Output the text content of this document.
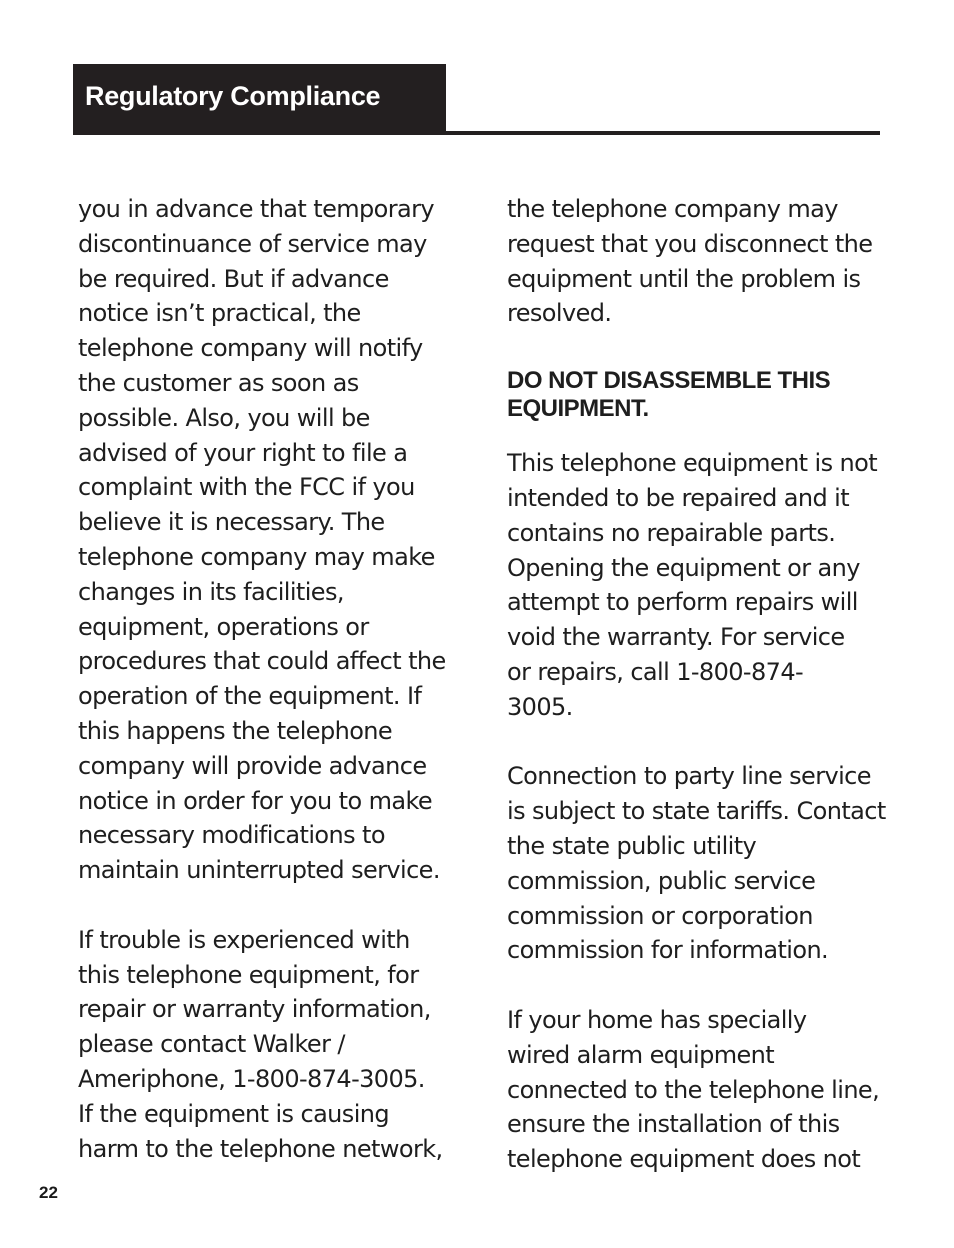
Regulatory Compliance
you in advance that temporary
discontinuance of service may
be required. But if advance
notice isn’t practical, the
telephone company will notify
the customer as soon as
possible. Also, you will be
advised of your right to file a
complaint with the FCC if you
believe it is necessary. The
telephone company may make
changes in its facilities,
equipment, operations or
procedures that could affect the
operation of the equipment. If
this happens the telephone
company will provide advance
notice in order for you to make
necessary modifications to
maintain uninterrupted service.
If trouble is experienced with
this telephone equipment, for
repair or warranty information,
please contact Walker /
Ameriphone, 1-800-874-3005.
If the equipment is causing
harm to the telephone network,
the telephone company may
request that you disconnect the
equipment until the problem is
resolved.
DO NOT DISASSEMBLE THIS
EQUIPMENT.
This telephone equipment is not
intended to be repaired and it
contains no repairable parts.
Opening the equipment or any
attempt to perform repairs will
void the warranty. For service
or repairs, call 1-800-874-
3005.
Connection to party line service
is subject to state tariffs. Contact
the state public utility
commission, public service
commission or corporation
commission for information.
If your home has specially
wired alarm equipment
connected to the telephone line,
ensure the installation of this
telephone equipment does not
22
